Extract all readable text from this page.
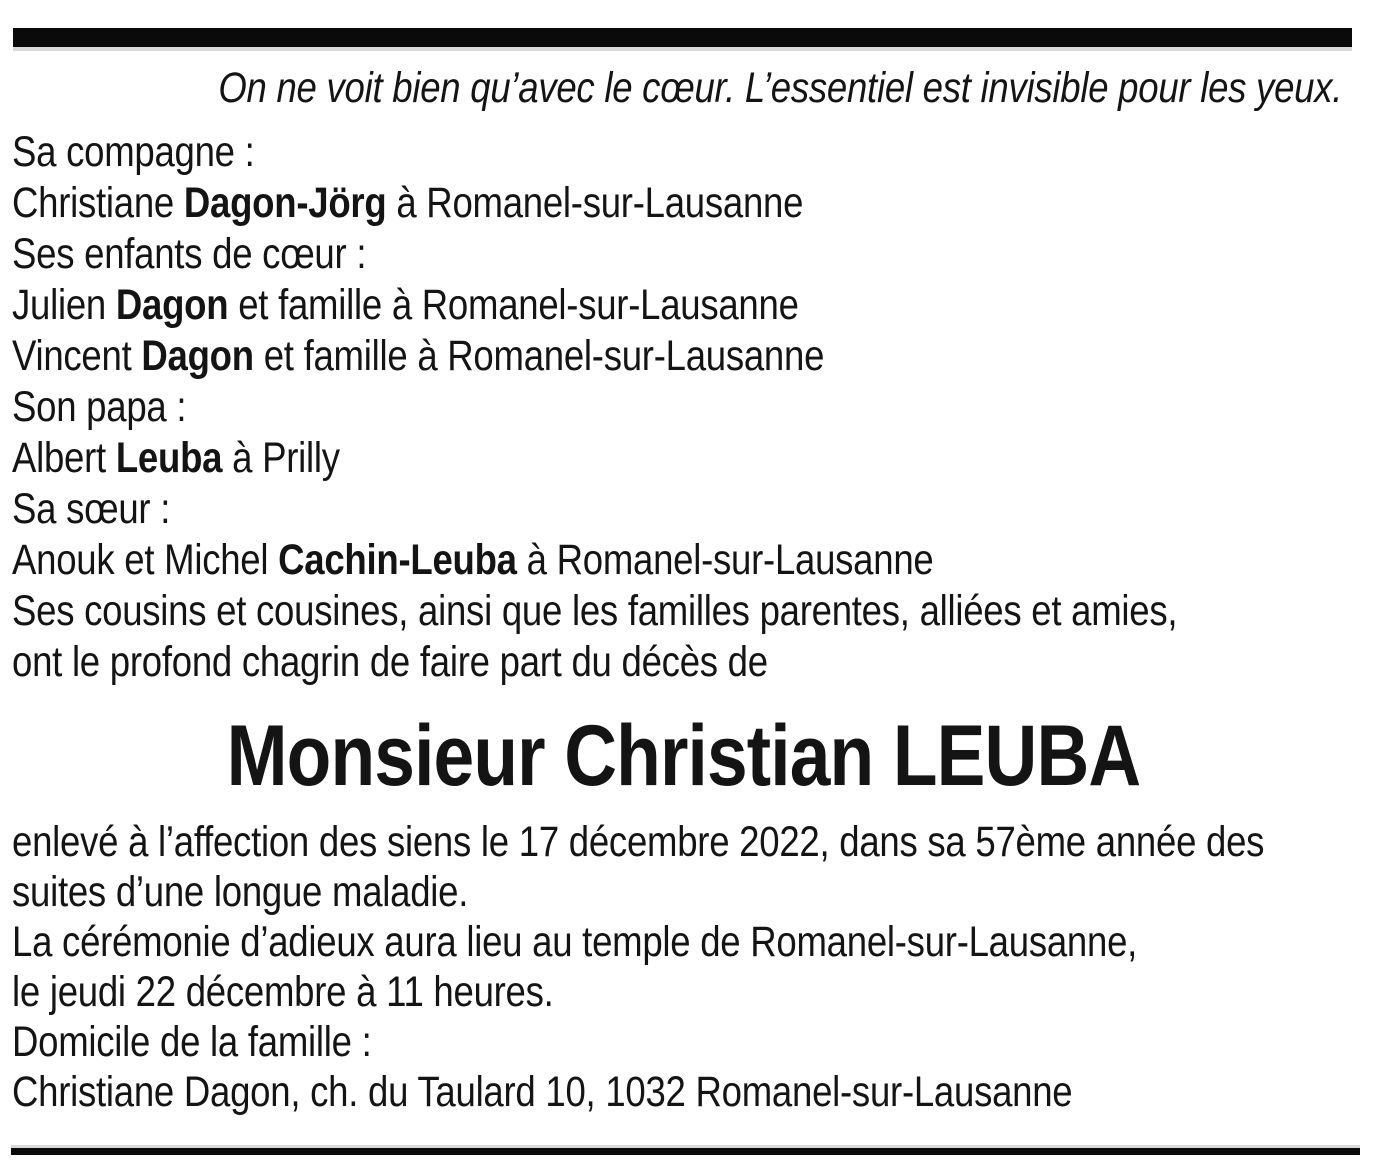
On ne voit bien qu’avec le cœur. L’essentiel est invisible pour les yeux.
Sa compagne :
Christiane Dagon-Jörg à Romanel-sur-Lausanne
Ses enfants de cœur :
Julien Dagon et famille à Romanel-sur-Lausanne
Vincent Dagon et famille à Romanel-sur-Lausanne
Son papa :
Albert Leuba à Prilly
Sa sœur :
Anouk et Michel Cachin-Leuba à Romanel-sur-Lausanne
Ses cousins et cousines, ainsi que les familles parentes, alliées et amies,
ont le profond chagrin de faire part du décès de
Monsieur Christian LEUBA
enlevé à l’affection des siens le 17 décembre 2022, dans sa 57ème année des
suites d’une longue maladie.
La cérémonie d’adieux aura lieu au temple de Romanel-sur-Lausanne,
le jeudi 22 décembre à 11 heures.
Domicile de la famille :
Christiane Dagon, ch. du Taulard 10, 1032 Romanel-sur-Lausanne
